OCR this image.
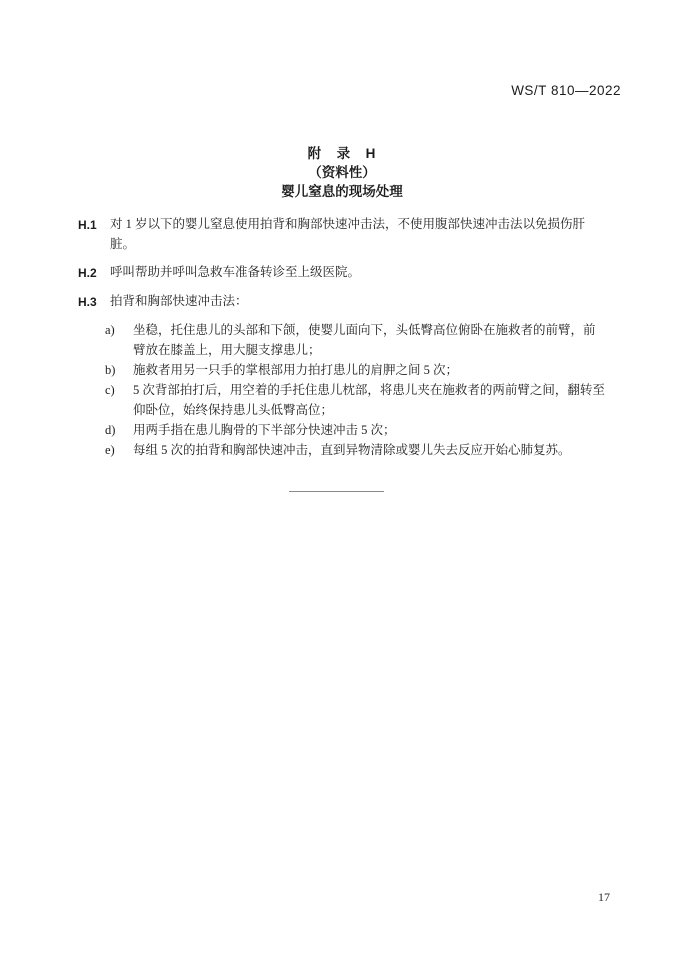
WS/T 810—2022
附　录　H
（资料性）
婴儿窒息的现场处理
H.1	对 1 岁以下的婴儿窒息使用拍背和胸部快速冲击法，不使用腹部快速冲击法以免损伤肝脏。
H.2	呼叫帮助并呼叫急救车准备转诊至上级医院。
H.3	拍背和胸部快速冲击法：
a)	坐稳，托住患儿的头部和下颌，使婴儿面向下，头低臀高位俯卧在施救者的前臂，前臂放在膝盖上，用大腿支撑患儿；
b)	施救者用另一只手的掌根部用力拍打患儿的肩胛之间 5 次；
c)	5 次背部拍打后，用空着的手托住患儿枕部，将患儿夹在施救者的两前臂之间，翻转至仰卧位，始终保持患儿头低臀高位；
d)	用两手指在患儿胸骨的下半部分快速冲击 5 次；
e)	每组 5 次的拍背和胸部快速冲击，直到异物清除或婴儿失去反应开始心肺复苏。
17
